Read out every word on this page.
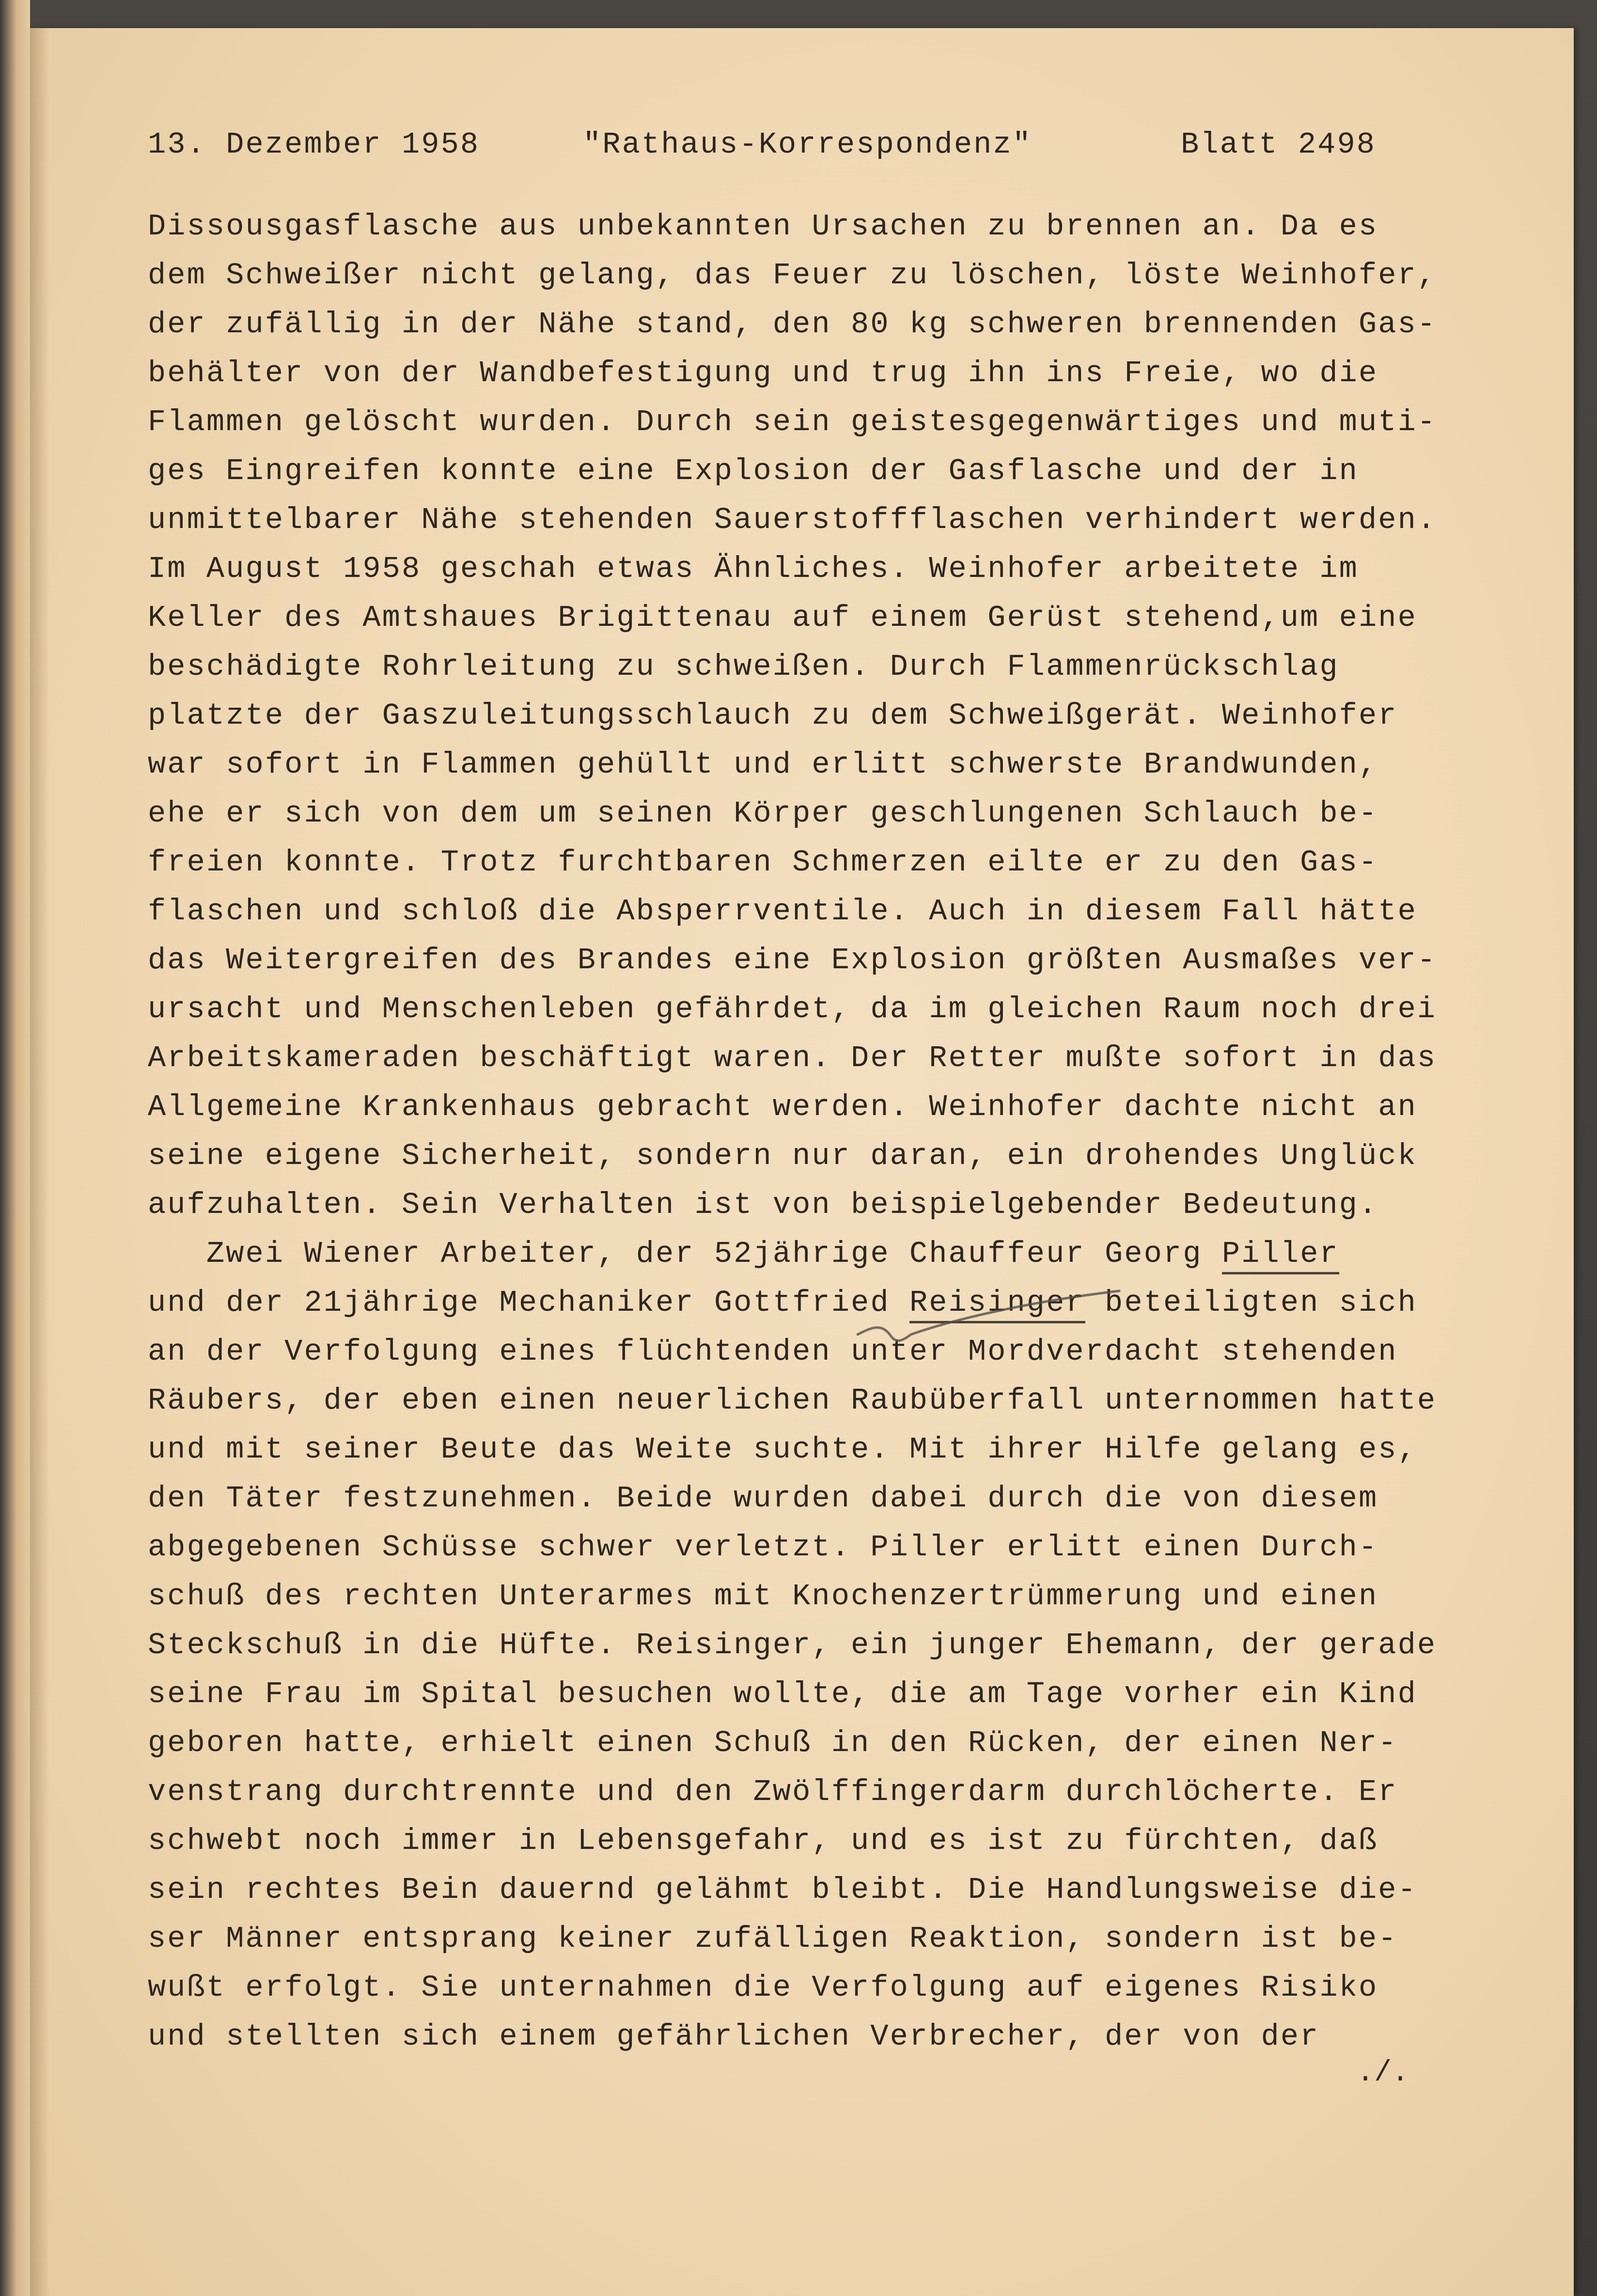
13. Dezember 1958	"Rathaus-Korrespondenz"	Blatt 2498

Dissousgasflasche aus unbekannten Ursachen zu brennen an. Da es

dem Schweißer nicht gelang, das Feuer zu löschen, löste Weinhofer,

der zufällig in der Nähe stand, den 80 kg schweren brennenden Gas-

behälter von der Wandbefestigung und trug ihn ins Freie, wo die

Flammen gelöscht wurden. Durch sein geistesgegenwärtiges und muti-

ges Eingreifen konnte eine Explosion der Gasflasche und der in

unmittelbarer Nähe stehenden Sauerstoffflaschen verhindert werden.

Im August 1958 geschah etwas Ähnliches. Weinhofer arbeitete im

Keller des Amtshaues Brigittenau auf einem Gerüst stehend,um eine

beschädigte Rohrleitung zu schweißen. Durch Flammenrückschlag

platzte der Gaszuleitungsschlauch zu dem Schweißgerät. Weinhofer

war sofort in Flammen gehüllt und erlitt schwerste Brandwunden,

ehe er sich von dem um seinen Körper geschlungenen Schlauch be-

freien konnte. Trotz furchtbaren Schmerzen eilte er zu den Gas-

flaschen und schloß die Absperrventile. Auch in diesem Fall hätte

das Weitergreifen des Brandes eine Explosion größten Ausmaßes ver-

ursacht und Menschenleben gefährdet, da im gleichen Raum noch drei

Arbeitskameraden beschäftigt waren. Der Retter mußte sofort in das

Allgemeine Krankenhaus gebracht werden. Weinhofer dachte nicht an

seine eigene Sicherheit, sondern nur daran, ein drohendes Unglück

aufzuhalten. Sein Verhalten ist von beispielgebender Bedeutung.

Zwei Wiener Arbeiter, der 52jährige Chauffeur Georg Piller

und der 21jährige Mechaniker Gottfried Reisinger beteiligten sich

an der Verfolgung eines flüchtenden unter Mordverdacht stehenden

Räubers, der eben einen neuerlichen Raubüberfall unternommen hatte

und mit seiner Beute das Weite suchte. Mit ihrer Hilfe gelang es,

den Täter festzunehmen. Beide wurden dabei durch die von diesem

abgegebenen Schüsse schwer verletzt. Piller erlitt einen Durch-

schuß des rechten Unterarmes mit Knochenzertrümmerung und einen

Steckschuß in die Hüfte. Reisinger, ein junger Ehemann, der gerade

seine Frau im Spital besuchen wollte, die am Tage vorher ein Kind

geboren hatte, erhielt einen Schuß in den Rücken, der einen Ner-

venstrang durchtrennte und den Zwölffingerdarm durchlöcherte. Er

schwebt noch immer in Lebensgefahr, und es ist zu fürchten, daß

sein rechtes Bein dauernd gelähmt bleibt. Die Handlungsweise die-

ser Männer entsprang keiner zufälligen Reaktion, sondern ist be-

wußt erfolgt. Sie unternahmen die Verfolgung auf eigenes Risiko

und stellten sich einem gefährlichen Verbrecher, der von der

./.
